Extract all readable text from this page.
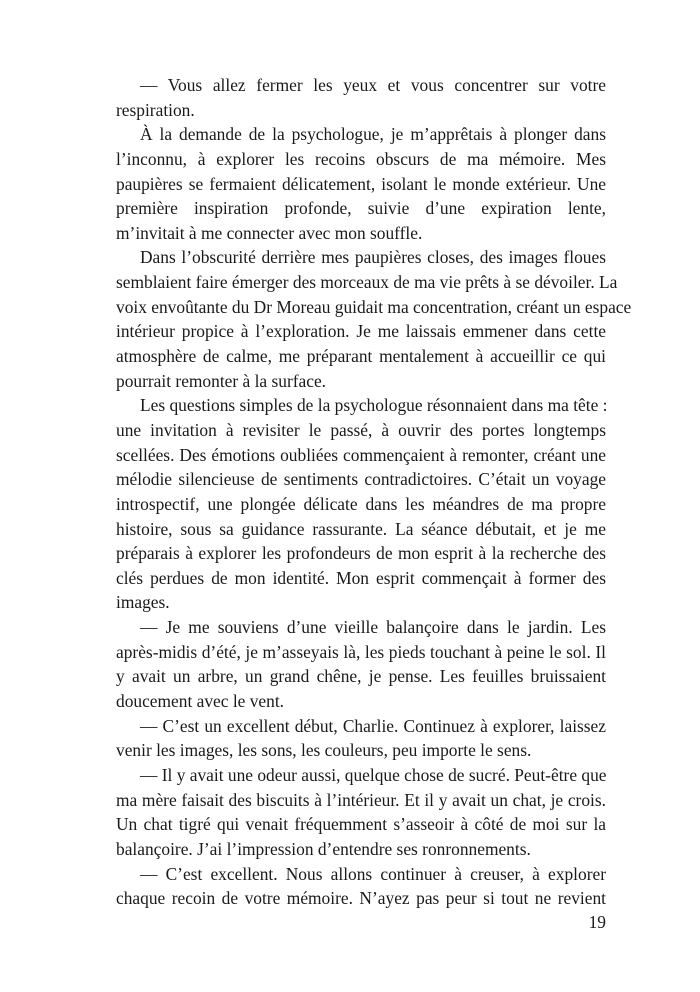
— Vous allez fermer les yeux et vous concentrer sur votre
respiration.
À la demande de la psychologue, je m’apprêtais à plonger dans
l’inconnu, à explorer les recoins obscurs de ma mémoire. Mes
paupières se fermaient délicatement, isolant le monde extérieur. Une
première inspiration profonde, suivie d’une expiration lente,
m’invitait à me connecter avec mon souffle.
Dans l’obscurité derrière mes paupières closes, des images floues
semblaient faire émerger des morceaux de ma vie prêts à se dévoiler. La
voix envoûtante du Dr Moreau guidait ma concentration, créant un espace
intérieur propice à l’exploration. Je me laissais emmener dans cette
atmosphère de calme, me préparant mentalement à accueillir ce qui
pourrait remonter à la surface.
Les questions simples de la psychologue résonnaient dans ma tête :
une invitation à revisiter le passé, à ouvrir des portes longtemps
scellées. Des émotions oubliées commençaient à remonter, créant une
mélodie silencieuse de sentiments contradictoires. C’était un voyage
introspectif, une plongée délicate dans les méandres de ma propre
histoire, sous sa guidance rassurante. La séance débutait, et je me
préparais à explorer les profondeurs de mon esprit à la recherche des
clés perdues de mon identité. Mon esprit commençait à former des
images.
— Je me souviens d’une vieille balançoire dans le jardin. Les
après-midis d’été, je m’asseyais là, les pieds touchant à peine le sol. Il
y avait un arbre, un grand chêne, je pense. Les feuilles bruissaient
doucement avec le vent.
— C’est un excellent début, Charlie. Continuez à explorer, laissez
venir les images, les sons, les couleurs, peu importe le sens.
— Il y avait une odeur aussi, quelque chose de sucré. Peut-être que
ma mère faisait des biscuits à l’intérieur. Et il y avait un chat, je crois.
Un chat tigré qui venait fréquemment s’asseoir à côté de moi sur la
balançoire. J’ai l’impression d’entendre ses ronronnements.
— C’est excellent. Nous allons continuer à creuser, à explorer
chaque recoin de votre mémoire. N’ayez pas peur si tout ne revient
19
